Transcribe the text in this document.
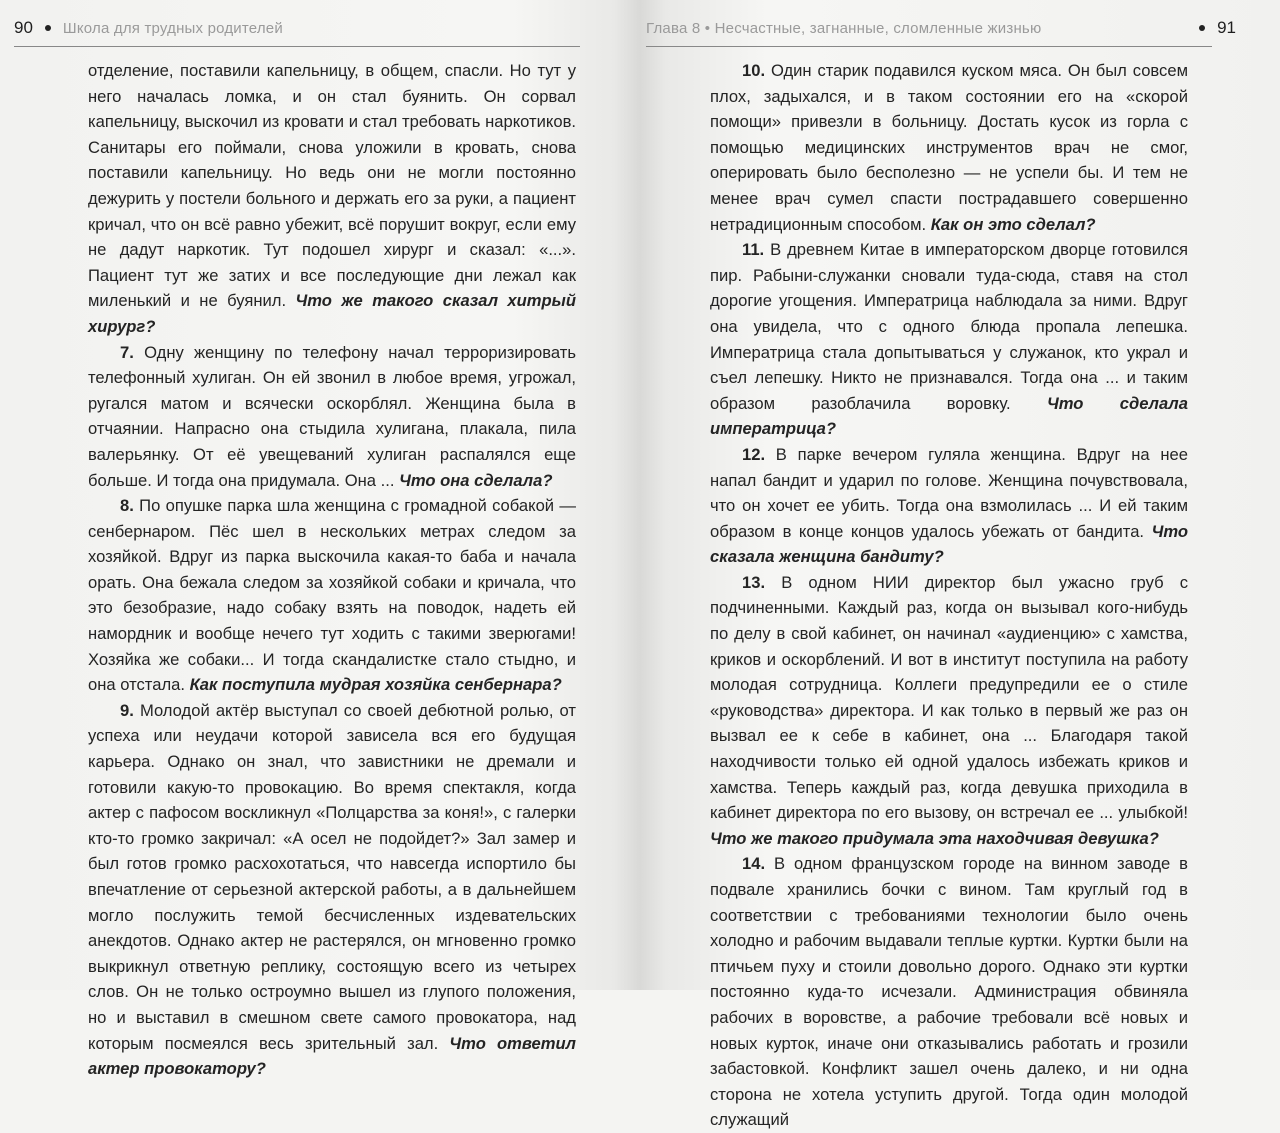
90 Школа для трудных родителей

отделение, поставили капельницу, в общем, спасли. Но тут у него началась ломка, и он стал буянить. Он сорвал капельницу, выскочил из кровати и стал требовать наркотиков. Санитары его поймали, снова уложили в кровать, снова поставили капельницу. Но ведь они не могли постоянно дежурить у постели больного и держать его за руки, а пациент кричал, что он всё равно убежит, всё порушит вокруг, если ему не дадут наркотик. Тут подошел хирург и сказал: «...». Пациент тут же затих и все последующие дни лежал как миленький и не буянил. Что же такого сказал хитрый хирург?

7. Одну женщину по телефону начал терроризировать телефонный хулиган. Он ей звонил в любое время, угрожал, ругался матом и всячески оскорблял. Женщина была в отчаянии. Напрасно она стыдила хулигана, плакала, пила валерьянку. От её увещеваний хулиган распалялся еще больше. И тогда она придумала. Она ... Что она сделала?

8. По опушке парка шла женщина с громадной собакой — сенбернаром. Пёс шел в нескольких метрах следом за хозяйкой. Вдруг из парка выскочила какая-то баба и начала орать. Она бежала следом за хозяйкой собаки и кричала, что это безобразие, надо собаку взять на поводок, надеть ей намордник и вообще нечего тут ходить с такими зверюгами! Хозяйка же собаки... И тогда скандалистке стало стыдно, и она отстала. Как поступила мудрая хозяйка сенбернара?

9. Молодой актёр выступал со своей дебютной ролью, от успеха или неудачи которой зависела вся его будущая карьера. Однако он знал, что завистники не дремали и готовили какую-то провокацию. Во время спектакля, когда актер с пафосом воскликнул «Полцарства за коня!», с галерки кто-то громко закричал: «А осел не подойдет?» Зал замер и был готов громко расхохотаться, что навсегда испортило бы впечатление от серьезной актерской работы, а в дальнейшем могло послужить темой бесчисленных издевательских анекдотов. Однако актер не растерялся, он мгновенно громко выкрикнул ответную реплику, состоящую всего из четырех слов. Он не только остроумно вышел из глупого положения, но и выставил в смешном свете самого провокатора, над которым посмеялся весь зрительный зал. Что ответил актер провокатору?

Глава 8 • Несчастные, загнанные, сломленные жизнью	91

10. Один старик подавился куском мяса. Он был совсем плох, задыхался, и в таком состоянии его на «скорой помощи» привезли в больницу. Достать кусок из горла с помощью медицинских инструментов врач не смог, оперировать было бесполезно — не успели бы. И тем не менее врач сумел спасти пострадавшего совершенно нетрадиционным способом. Как он это сделал?

11. В древнем Китае в императорском дворце готовился пир. Рабыни-служанки сновали туда-сюда, ставя на стол дорогие угощения. Императрица наблюдала за ними. Вдруг она увидела, что с одного блюда пропала лепешка. Императрица стала допытываться у служанок, кто украл и съел лепешку. Никто не признавался. Тогда она ... и таким образом разоблачила воровку. Что сделала императрица?

12. В парке вечером гуляла женщина. Вдруг на нее напал бандит и ударил по голове. Женщина почувствовала, что он хочет ее убить. Тогда она взмолилась ... И ей таким образом в конце концов удалось убежать от бандита. Что сказала женщина бандиту?

13. В одном НИИ директор был ужасно груб с подчиненными. Каждый раз, когда он вызывал кого-нибудь по делу в свой кабинет, он начинал «аудиенцию» с хамства, криков и оскорблений. И вот в институт поступила на работу молодая сотрудница. Коллеги предупредили ее о стиле «руководства» директора. И как только в первый же раз он вызвал ее к себе в кабинет, она ... Благодаря такой находчивости только ей одной удалось избежать криков и хамства. Теперь каждый раз, когда девушка приходила в кабинет директора по его вызову, он встречал ее ... улыбкой! Что же такого придумала эта находчивая девушка?

14. В одном французском городе на винном заводе в подвале хранились бочки с вином. Там круглый год в соответствии с требованиями технологии было очень холодно и рабочим выдавали теплые куртки. Куртки были на птичьем пуху и стоили довольно дорого. Однако эти куртки постоянно куда-то исчезали. Администрация обвиняла рабочих в воровстве, а рабочие требовали всё новых и новых курток, иначе они отказывались работать и грозили забастовкой. Конфликт зашел очень далеко, и ни одна сторона не хотела уступить другой. Тогда один молодой служащий
